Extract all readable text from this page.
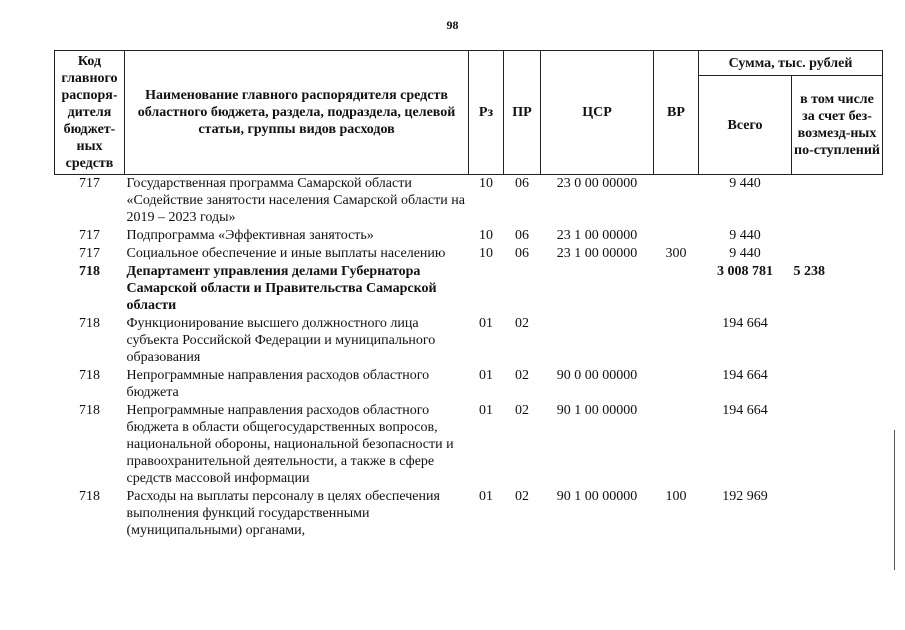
98
Код главного распоря-дителя бюджет-ных средств	Наименование главного распорядителя средств областного бюджета, раздела, подраздела, целевой статьи, группы видов расходов	Рз	ПР	ЦСР	ВР	Сумма, тыс. рублей	
						Всего	в том числе за счет без-возмезд-ных по-ступлений
717	Государственная программа Самарской области «Содействие занятости населения Самарской области на 2019 – 2023 годы»	10	06	23 0 00 00000		9 440	
717	Подпрограмма «Эффективная занятость»	10	06	23 1 00 00000		9 440	
717	Социальное обеспечение и иные выплаты населению	10	06	23 1 00 00000	300	9 440	
718	Департамент управления делами Губернатора Самарской области и Правительства Самарской области					3 008 781	5 238
718	Функционирование высшего должностного лица субъекта Российской Федерации и муниципального образования	01	02			194 664	
718	Непрограммные направления расходов областного бюджета	01	02	90 0 00 00000		194 664	
718	Непрограммные направления расходов областного бюджета в области общегосударственных вопросов, национальной обороны, национальной безопасности и правоохранительной деятельности, а также в сфере средств массовой информации	01	02	90 1 00 00000		194 664	
718	Расходы на выплаты персоналу в целях обеспечения выполнения функций государственными (муниципальными) органами,	01	02	90 1 00 00000	100	192 969	
